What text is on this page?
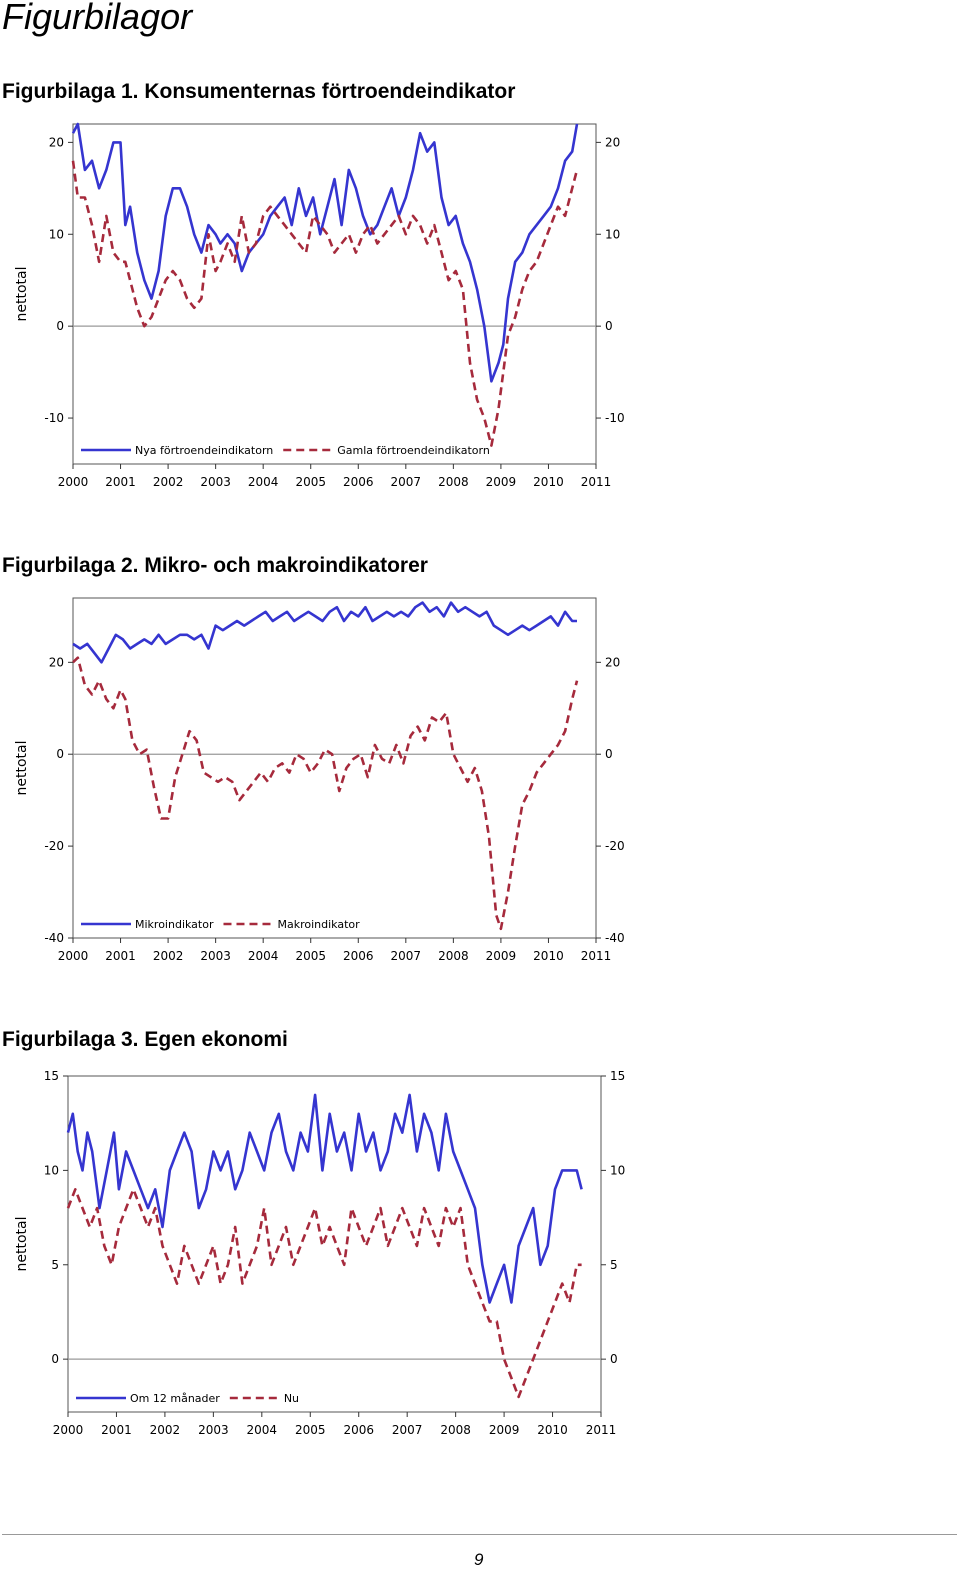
Figurbilagor
Figurbilaga 1. Konsumenternas förtroendeindikator
-10	-10
0	0
10	10
20	20
2000 2001 2002 2003 2004 2005 2006 2007 2008 2009 2010 2011
nettotal
Nya förtroendeindikatorn	Gamla förtroendeindikatorn
Figurbilaga 2. Mikro- och makroindikatorer
-40	-40
-20	-20
0	0
20	20
2000 2001 2002 2003 2004 2005 2006 2007 2008 2009 2010 2011
nettotal
Mikroindikator	Makroindikator
Figurbilaga 3. Egen ekonomi
0	0
5	5
10	10
15	15
2000 2001 2002 2003 2004 2005 2006 2007 2008 2009 2010 2011
nettotal
Om 12 månader	Nu
9
